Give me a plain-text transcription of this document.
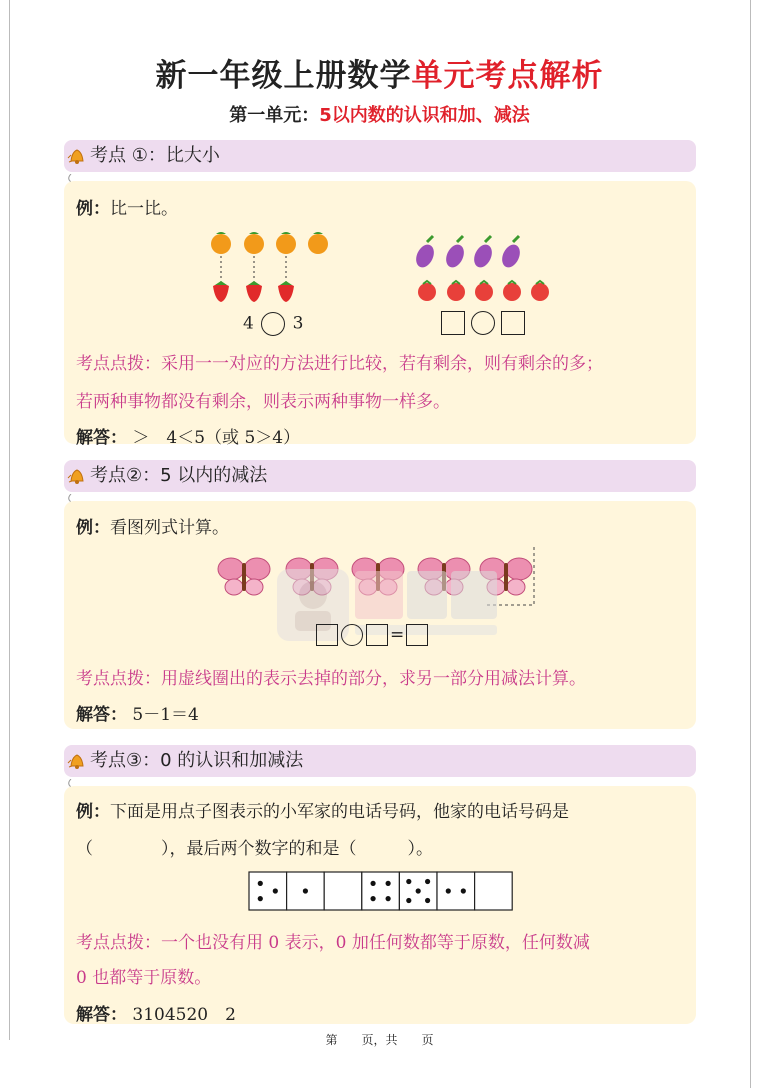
新一年级上册数学单元考点解析
第一单元：5以内数的认识和加、减法
考点 ①：比大小
例：比一比。
4 3

考点点拨：采用一一对应的方法进行比较，若有剩余，则有剩余的多；
若两种事物都没有剩余，则表示两种事物一样多。
解答： ＞　4＜5（或 5＞4）
考点②：5 以内的减法
例：看图列式计算。
=
考点点拨：用虚线圈出的表示去掉的部分，求另一部分用减法计算。
解答： 5－1＝4
考点③：0 的认识和加减法
例：下面是用点子图表示的小军家的电话号码，他家的电话号码是
（　　　　），最后两个数字的和是（　　　）。
考点点拨：一个也没有用 0 表示，0 加任何数都等于原数，任何数减
0 也都等于原数。
解答： 3104520　2
第　　页，共　　页
